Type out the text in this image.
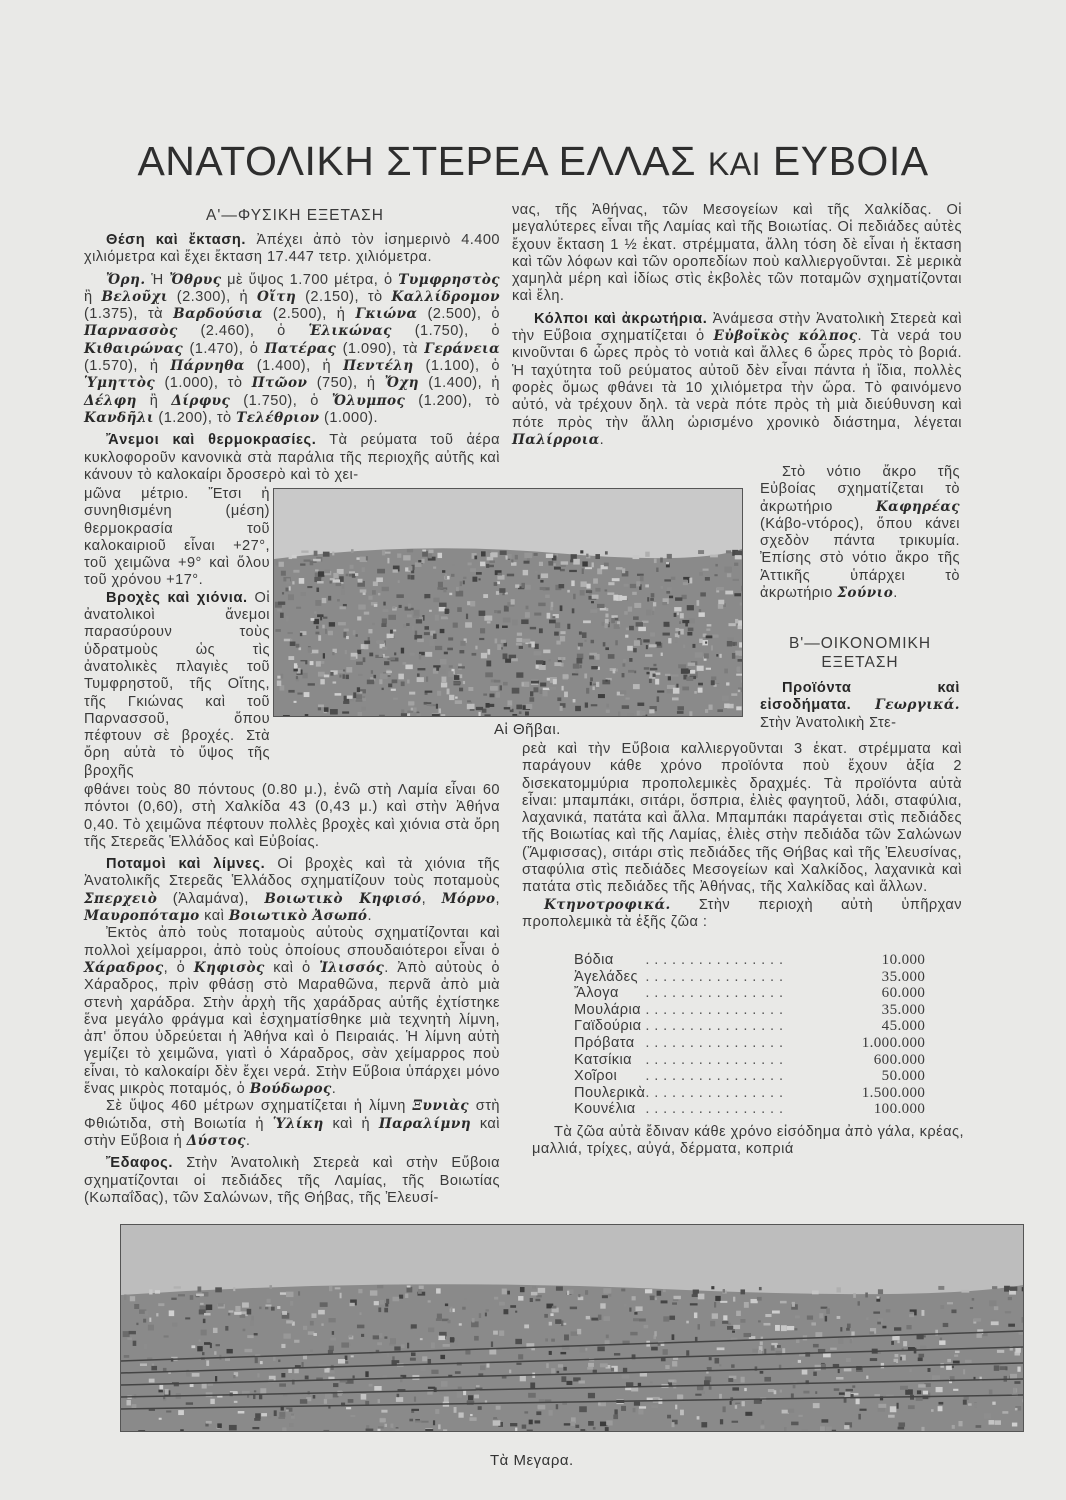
ΑΝΑΤΟΛΙΚΗ ΣΤΕΡΕΑ ΕΛΛΑΣ ΚΑΙ ΕΥΒΟΙΑ
Α'—ΦΥΣΙΚΗ ΕΞΕΤΑΣΗ

Θέση καὶ ἔκταση. Ἀπέχει ἀπὸ τὸν ἰσημερινὸ 4.400 χιλιόμετρα καὶ ἔχει ἔκταση 17.447 τετρ. χιλιόμετρα.

Ὄρη. Ἡ Ὄθρυς μὲ ὕψος 1.700 μέτρα, ὁ Τυμφρηστὸς ἢ Βελοῦχι (2.300), ἡ Οἴτη (2.150), τὸ Καλλίδρομον (1.375), τὰ Βαρδούσια (2.500), ἡ Γκιώνα (2.500), ὁ Παρνασσὸς (2.460), ὁ Ἑλικώνας (1.750), ὁ Κιθαιρώνας (1.470), ὁ Πατέρας (1.090), τὰ Γεράνεια (1.570), ἡ Πάρνηθα (1.400), ἡ Πεντέλη (1.100), ὁ Ὑμηττὸς (1.000), τὸ Πτῶον (750), ἡ Ὄχη (1.400), ἡ Δέλφη ἢ Δίρφυς (1.750), ὁ Ὄλυμπος (1.200), τὸ Κανδῆλι (1.200), τὸ Τελέθριον (1.000).

Ἄνεμοι καὶ θερμοκρασίες. Τὰ ρεύματα τοῦ ἀέρα κυκλοφοροῦν κανονικὰ στὰ παράλια τῆς περιοχῆς αὐτῆς καὶ κάνουν τὸ καλοκαίρι δροσερὸ καὶ τὸ χει-

μῶνα μέτριο. Ἔτσι ἡ συνηθισμένη (μέση) θερμοκρασία τοῦ καλοκαιριοῦ εἶναι +27°, τοῦ χειμῶνα +9° καὶ ὅλου τοῦ χρόνου +17°.

Βροχὲς καὶ χιόνια. Οἱ ἀνατολικοὶ ἄνεμοι παρασύρουν τοὺς ὑδρατμοὺς ὡς τὶς ἀνατολικὲς πλαγιὲς τοῦ Τυμφρηστοῦ, τῆς Οἴτης, τῆς Γκιώνας καὶ τοῦ Παρνασσοῦ, ὅπου πέφτουν σὲ βροχές. Στὰ ὄρη αὐτὰ τὸ ὕψος τῆς βροχῆς

φθάνει τοὺς 80 πόντους (0.80 μ.), ἐνῶ στὴ Λαμία εἶναι 60 πόντοι (0,60), στὴ Χαλκίδα 43 (0,43 μ.) καὶ στὴν Ἀθήνα 0,40. Τὸ χειμῶνα πέφτουν πολλὲς βροχὲς καὶ χιόνια στὰ ὄρη τῆς Στερεᾶς Ἑλλάδος καὶ Εὐβοίας.

Ποταμοὶ καὶ λίμνες. Οἱ βροχὲς καὶ τὰ χιόνια τῆς Ἀνατολικῆς Στερεᾶς Ἑλλάδος σχηματίζουν τοὺς ποταμοὺς Σπερχειὸ (Ἀλαμάνα), Βοιωτικὸ Κηφισό, Μόρνο, Μαυροπόταμο καὶ Βοιωτικὸ Ἀσωπό.

Ἐκτὸς ἀπὸ τοὺς ποταμοὺς αὐτοὺς σχηματίζονται καὶ πολλοὶ χείμαρροι, ἀπὸ τοὺς ὁποίους σπουδαιότεροι εἶναι ὁ Χάραδρος, ὁ Κηφισὸς καὶ ὁ Ἰλισσός. Ἀπὸ αὐτοὺς ὁ Χάραδρος, πρὶν φθάσῃ στὸ Μαραθῶνα, περνᾶ ἀπὸ μιὰ στενὴ χαράδρα. Στὴν ἀρχὴ τῆς χαράδρας αὐτῆς ἐχτίστηκε ἕνα μεγάλο φράγμα καὶ ἐσχηματίσθηκε μιὰ τεχνητὴ λίμνη, ἀπ' ὅπου ὑδρεύεται ἡ Ἀθήνα καὶ ὁ Πειραιάς. Ἡ λίμνη αὐτὴ γεμίζει τὸ χειμῶνα, γιατὶ ὁ Χάραδρος, σὰν χείμαρρος ποὺ εἶναι, τὸ καλοκαίρι δὲν ἔχει νερά. Στὴν Εὔβοια ὑπάρχει μόνο ἕνας μικρὸς ποταμός, ὁ Βούδωρος.

Σὲ ὕψος 460 μέτρων σχηματίζεται ἡ λίμνη Ξυνιὰς στὴ Φθιώτιδα, στὴ Βοιωτία ἡ Ὑλίκη καὶ ἡ Παραλίμνη καὶ στὴν Εὔβοια ἡ Δύστος.

Ἔδαφος. Στὴν Ἀνατολικὴ Στερεὰ καὶ στὴν Εὔβοια σχηματίζονται οἱ πεδιάδες τῆς Λαμίας, τῆς Βοιωτίας (Κωπαΐδας), τῶν Σαλώνων, τῆς Θήβας, τῆς Ἐλευσί-

νας, τῆς Ἀθήνας, τῶν Μεσογείων καὶ τῆς Χαλκίδας. Οἱ μεγαλύτερες εἶναι τῆς Λαμίας καὶ τῆς Βοιωτίας. Οἱ πεδιάδες αὐτὲς ἔχουν ἔκταση 1 ½ ἑκατ. στρέμματα, ἄλλη τόση δὲ εἶναι ἡ ἔκταση καὶ τῶν λόφων καὶ τῶν οροπεδίων ποὺ καλλιεργοῦνται. Σὲ μερικὰ χαμηλὰ μέρη καὶ ἰδίως στὶς ἐκβολὲς τῶν ποταμῶν σχηματίζονται καὶ ἕλη.

Κόλποι καὶ ἀκρωτήρια. Ἀνάμεσα στὴν Ἀνατολικὴ Στερεὰ καὶ τὴν Εὔβοια σχηματίζεται ὁ Εὐβοϊκὸς κόλπος. Τὰ νερά του κινοῦνται 6 ὧρες πρὸς τὸ νοτιὰ καὶ ἄλλες 6 ὧρες πρὸς τὸ βοριά. Ἡ ταχύτητα τοῦ ρεύματος αὐτοῦ δὲν εἶναι πάντα ἡ ἴδια, πολλὲς φορὲς ὅμως φθάνει τὰ 10 χιλιόμετρα τὴν ὥρα. Τὸ φαινόμενο αὐτό, νὰ τρέχουν δηλ. τὰ νερὰ πότε πρὸς τὴ μιὰ διεύθυνση καὶ πότε πρὸς τὴν ἄλλη ὡρισμένο χρονικὸ διάστημα, λέγεται Παλίρροια.

Στὸ νότιο ἄκρο τῆς Εὐβοίας σχηματίζεται τὸ ἀκρωτήριο Καφηρέας (Κάβο-ντόρος), ὅπου κάνει σχεδὸν πάντα τρικυμία. Ἐπίσης στὸ νότιο ἄκρο τῆς Ἀττικῆς ὑπάρχει τὸ ἀκρωτήριο Σούνιο.

Β'—ΟΙΚΟΝΟΜΙΚΗ
ΕΞΕΤΑΣΗ

Προϊόντα καὶ εἰσοδήματα. Γεωργικά. Στὴν Ἀνατολικὴ Στε-

ρεὰ καὶ τὴν Εὔβοια καλλιεργοῦνται 3 ἑκατ. στρέμματα καὶ παράγουν κάθε χρόνο προϊόντα ποὺ ἔχουν ἀξία 2 δισεκατομμύρια προπολεμικὲς δραχμές. Τὰ προϊόντα αὐτὰ εἶναι: μπαμπάκι, σιτάρι, ὄσπρια, ἐλιὲς φαγητοῦ, λάδι, σταφύλια, λαχανικά, πατάτα καὶ ἄλλα. Μπαμπάκι παράγεται στὶς πεδιάδες τῆς Βοιωτίας καὶ τῆς Λαμίας, ἐλιὲς στὴν πεδιάδα τῶν Σαλώνων (Ἄμφισσας), σιτάρι στὶς πεδιάδες τῆς Θήβας καὶ τῆς Ἐλευσίνας, σταφύλια στὶς πεδιάδες Μεσογείων καὶ Χαλκίδος, λαχανικὰ καὶ πατάτα στὶς πεδιάδες τῆς Ἀθήνας, τῆς Χαλκίδας καὶ ἄλλων.

Κτηνοτροφικά. Στὴν περιοχὴ αὐτὴ ὑπῆρχαν προπολεμικὰ τὰ ἑξῆς ζῶα :

Βόδια	. . . . . . . . . . . . . . . .	10.000
Ἀγελάδες	. . . . . . . . . . . . . . . .	35.000
Ἄλογα	. . . . . . . . . . . . . . . .	60.000
Μουλάρια	. . . . . . . . . . . . . . . .	35.000
Γαϊδούρια	. . . . . . . . . . . . . . . .	45.000
Πρόβατα	. . . . . . . . . . . . . . . .	1.000.000
Κατσίκια	. . . . . . . . . . . . . . . .	600.000
Χοῖροι	. . . . . . . . . . . . . . . .	50.000
Πουλερικὰ	. . . . . . . . . . . . . . . .	1.500.000
Κουνέλια	. . . . . . . . . . . . . . . .	100.000

Τὰ ζῶα αὐτὰ ἔδιναν κάθε χρόνο εἰσόδημα ἀπὸ γάλα, κρέας, μαλλιά, τρίχες, αὐγά, δέρματα, κοπριά

Αἱ Θῆβαι.
Τὰ Μεγαρα.
